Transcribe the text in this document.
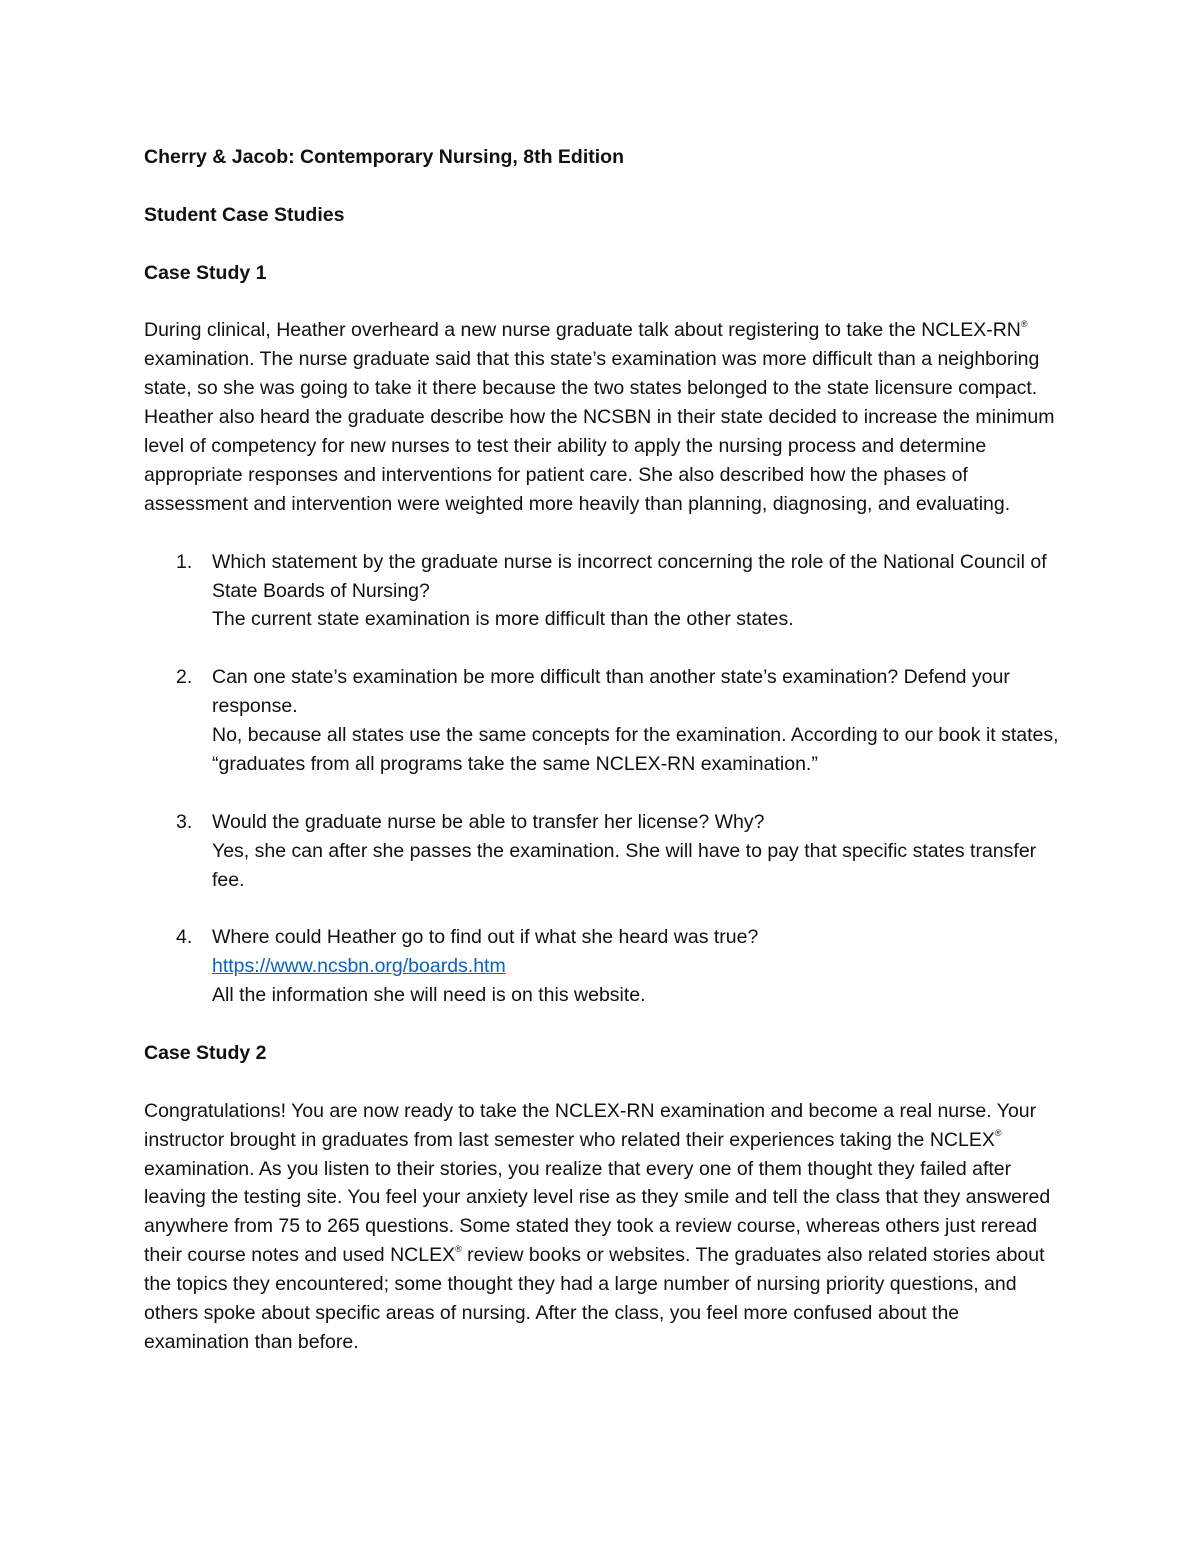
Cherry & Jacob: Contemporary Nursing, 8th Edition

Student Case Studies

Case Study 1

During clinical, Heather overheard a new nurse graduate talk about registering to take the NCLEX-RN® examination. The nurse graduate said that this state’s examination was more difficult than a neighboring state, so she was going to take it there because the two states belonged to the state licensure compact. Heather also heard the graduate describe how the NCSBN in their state decided to increase the minimum level of competency for new nurses to test their ability to apply the nursing process and determine appropriate responses and interventions for patient care. She also described how the phases of assessment and intervention were weighted more heavily than planning, diagnosing, and evaluating.

1. Which statement by the graduate nurse is incorrect concerning the role of the National Council of State Boards of Nursing?
The current state examination is more difficult than the other states.
2. Can one state’s examination be more difficult than another state’s examination? Defend your response.
No, because all states use the same concepts for the examination. According to our book it states, “graduates from all programs take the same NCLEX-RN examination.”
3. Would the graduate nurse be able to transfer her license? Why?
Yes, she can after she passes the examination. She will have to pay that specific states transfer fee.
4. Where could Heather go to find out if what she heard was true?
https://www.ncsbn.org/boards.htm
All the information she will need is on this website.

Case Study 2

Congratulations! You are now ready to take the NCLEX-RN examination and become a real nurse. Your instructor brought in graduates from last semester who related their experiences taking the NCLEX® examination. As you listen to their stories, you realize that every one of them thought they failed after leaving the testing site. You feel your anxiety level rise as they smile and tell the class that they answered anywhere from 75 to 265 questions. Some stated they took a review course, whereas others just reread their course notes and used NCLEX® review books or websites. The graduates also related stories about the topics they encountered; some thought they had a large number of nursing priority questions, and others spoke about specific areas of nursing. After the class, you feel more confused about the examination than before.
